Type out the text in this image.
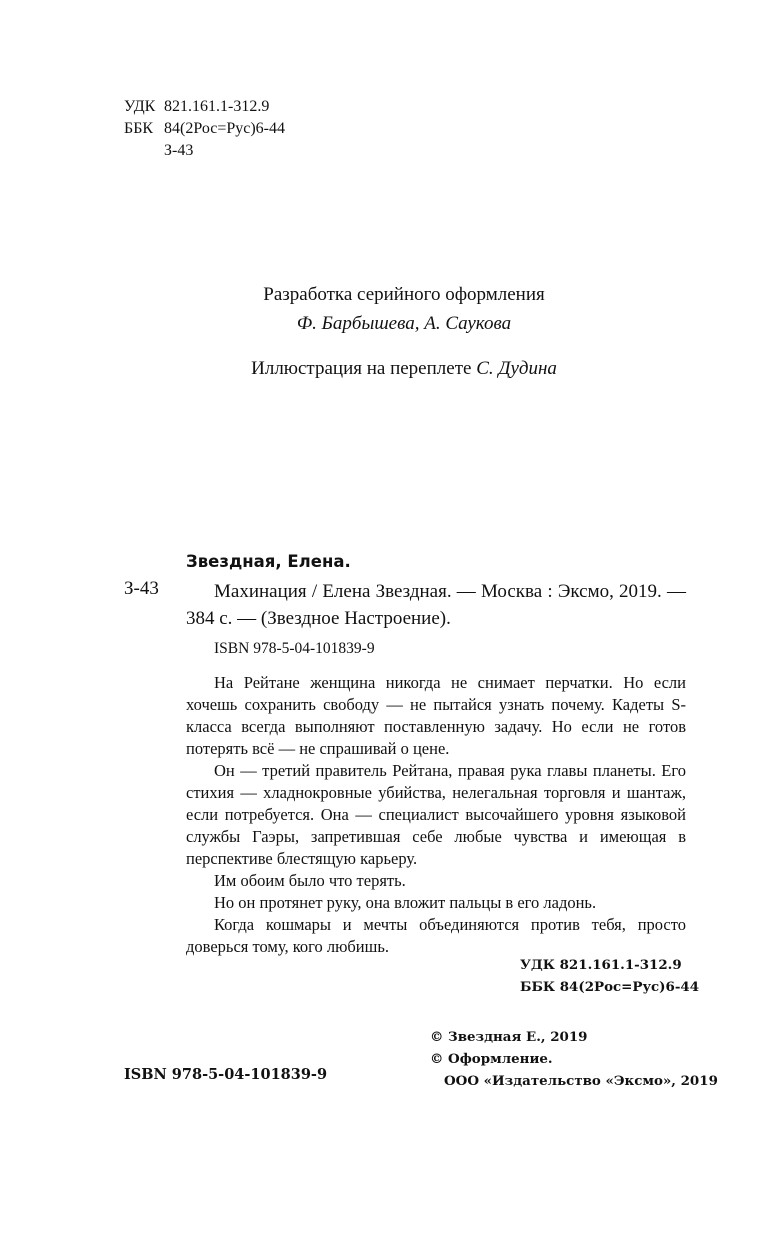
УДК 821.161.1-312.9
ББК 84(2Рос=Рус)6-44
З-43
Разработка серийного оформления
Ф. Барбышева, А. Саукова
Иллюстрация на переплете С. Дудина
Звездная, Елена.
З-43	Махинация / Елена Звездная. — Москва : Эксмо, 2019. — 384 с. — (Звездное Настроение).
ISBN 978-5-04-101839-9

На Рейтане женщина никогда не снимает перчатки. Но если хочешь сохранить свободу — не пытайся узнать почему. Кадеты S-класса всегда выполняют поставленную задачу. Но если не готов потерять всё — не спрашивай о цене.

Он — третий правитель Рейтана, правая рука главы планеты. Его стихия — хладнокровные убийства, нелегальная торговля и шантаж, если потребуется. Она — специалист высочайшего уровня языковой службы Гаэры, запретившая себе любые чувства и имеющая в перспективе блестящую карьеру.

Им обоим было что терять.

Но он протянет руку, она вложит пальцы в его ладонь.

Когда кошмары и мечты объединяются против тебя, просто доверься тому, кого любишь.

УДК 821.161.1-312.9
ББК 84(2Рос=Рус)6-44
© Звездная Е., 2019
© Оформление.
ООО «Издательство «Эксмо», 2019
ISBN 978-5-04-101839-9
